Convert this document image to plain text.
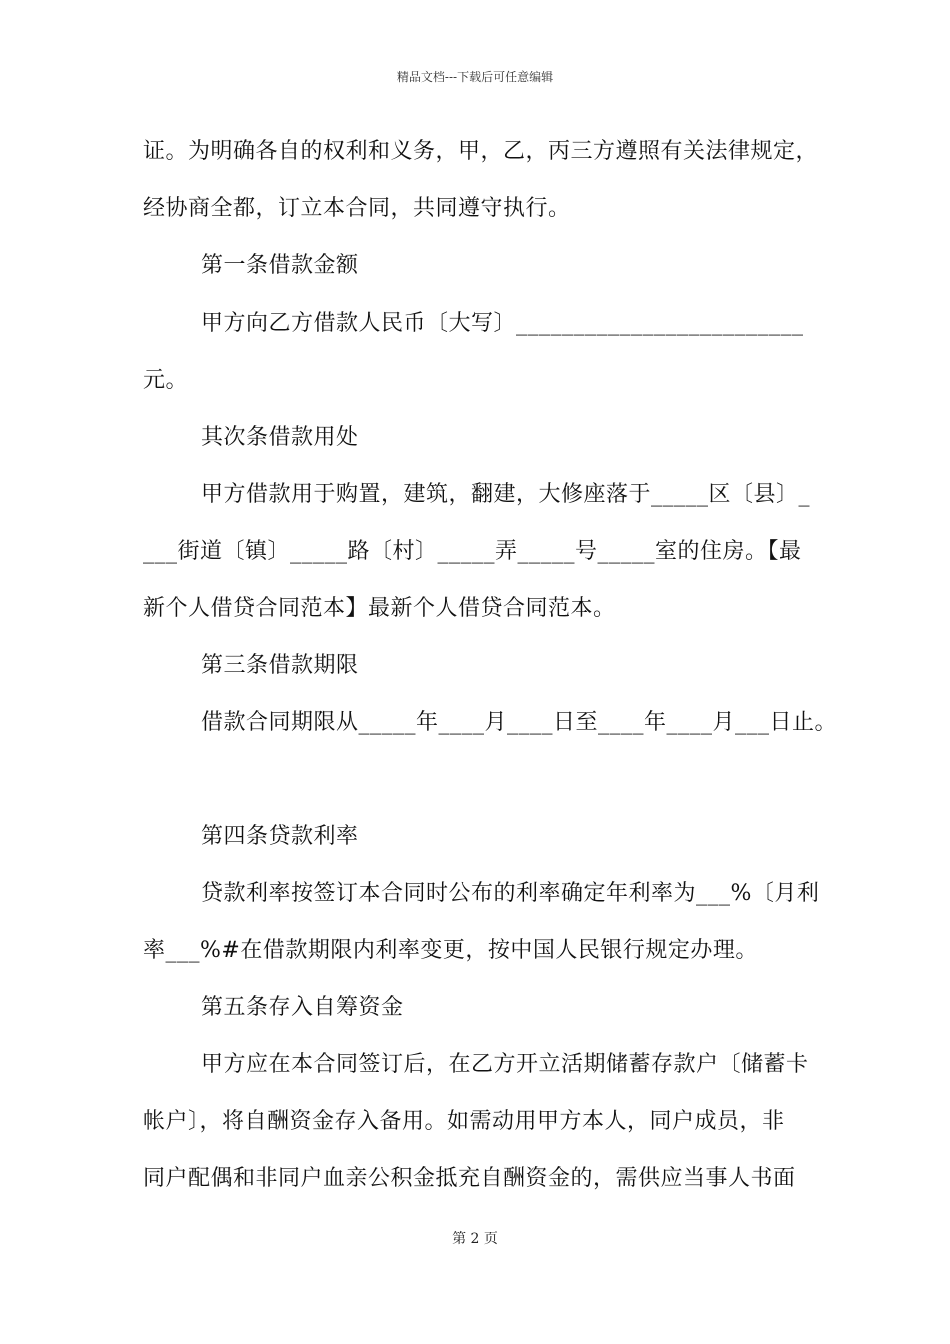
精品文档---下载后可任意编辑
证。为明确各自的权利和义务，甲，乙，丙三方遵照有关法律规定，
经协商全都，订立本合同，共同遵守执行。
第一条借款金额
甲方向乙方借款人民币〔大写〕_________________________
元。
其次条借款用处
甲方借款用于购置，建筑，翻建，大修座落于_____区〔县〕_
___街道〔镇〕_____路〔村〕_____弄_____号_____室的住房。【最
新个人借贷合同范本】最新个人借贷合同范本。
第三条借款期限
借款合同期限从_____年____月____日至____年____月___日止。
第四条贷款利率
贷款利率按签订本合同时公布的利率确定年利率为___%〔月利
率___%#在借款期限内利率变更，按中国人民银行规定办理。
第五条存入自筹资金
甲方应在本合同签订后，在乙方开立活期储蓄存款户〔储蓄卡
帐户〕，将自酬资金存入备用。如需动用甲方本人，同户成员，非
同户配偶和非同户血亲公积金抵充自酬资金的，需供应当事人书面
第 2 页
